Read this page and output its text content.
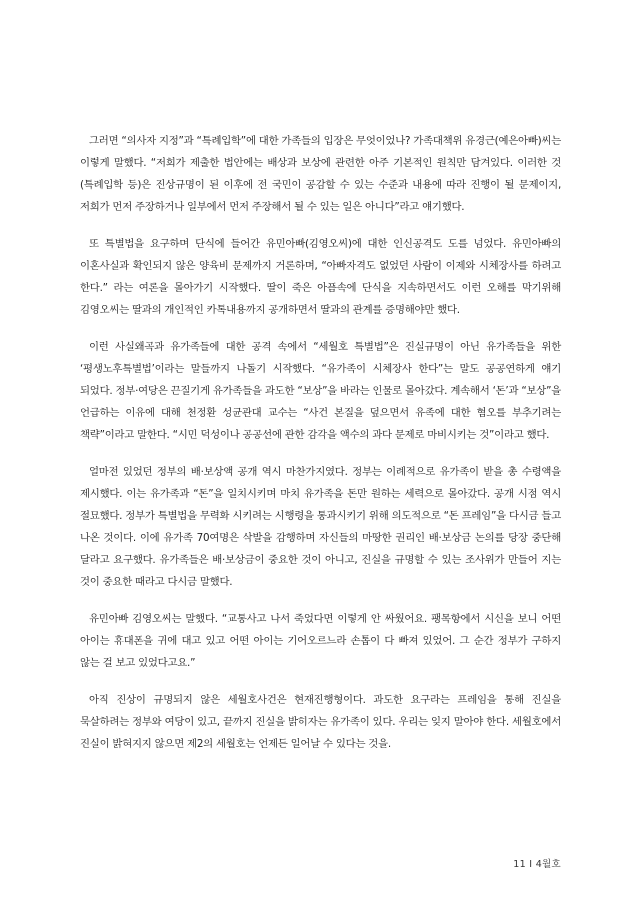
그러면 “의사자 지정”과 “특례입학”에 대한 가족들의 입장은 무엇이었나? 가족대책위 유경근(예은아빠)씨는 이렇게 말했다. “저희가 제출한 법안에는 배상과 보상에 관련한 아주 기본적인 원칙만 담겨있다. 이러한 것(특례입학 등)은 진상규명이 된 이후에 전 국민이 공감할 수 있는 수준과 내용에 따라 진행이 될 문제이지, 저희가 먼저 주장하거나 일부에서 먼저 주장해서 될 수 있는 일은 아니다”라고 얘기했다.

또 특별법을 요구하며 단식에 들어간 유민아빠(김영오씨)에 대한 인신공격도 도를 넘었다. 유민아빠의 이혼사실과 확인되지 않은 양육비 문제까지 거론하며, “아빠자격도 없었던 사람이 이제와 시체장사를 하려고 한다.” 라는 여론을 몰아가기 시작했다. 딸이 죽은 아픔속에 단식을 지속하면서도 이런 오해를 막기위해 김영오씨는 딸과의 개인적인 카톡내용까지 공개하면서 딸과의 관계를 증명해야만 했다.

이런 사실왜곡과 유가족들에 대한 공격 속에서 “세월호 특별법”은 진실규명이 아닌 유가족들을 위한 ‘평생노후특별법’이라는 말들까지 나돌기 시작했다. “유가족이 시체장사 한다”는 말도 공공연하게 얘기 되었다. 정부·여당은 끈질기게 유가족들을 과도한 “보상”을 바라는 인물로 몰아갔다. 계속해서 ‘돈’과 “보상”을 언급하는 이유에 대해 천정환 성균관대 교수는 “사건 본질을 덮으면서 유족에 대한 혐오를 부추기려는 책략”이라고 말한다. “시민 덕성이나 공공선에 관한 감각을 액수의 과다 문제로 마비시키는 것”이라고 했다.

얼마전 있었던 정부의 배·보상액 공개 역시 마찬가지였다. 정부는 이례적으로 유가족이 받을 총 수령액을 제시했다. 이는 유가족과 “돈”을 일치시키며 마치 유가족을 돈만 원하는 세력으로 몰아갔다. 공개 시점 역시 절묘했다. 정부가 특별법을 무력화 시키려는 시행령을 통과시키기 위해 의도적으로 “돈 프레임”을 다시금 들고 나온 것이다. 이에 유가족 70여명은 삭발을 감행하며 자신들의 마땅한 권리인 배·보상금 논의를 당장 중단해 달라고 요구했다. 유가족들은 배·보상금이 중요한 것이 아니고, 진실을 규명할 수 있는 조사위가 만들어 지는 것이 중요한 때라고 다시금 말했다.

유민아빠 김영오씨는 말했다. “교통사고 나서 죽었다면 이렇게 안 싸웠어요. 팽목항에서 시신을 보니 어떤 아이는 휴대폰을 귀에 대고 있고 어떤 아이는 기어오르느라 손톱이 다 빠져 있었어. 그 순간 정부가 구하지 않는 걸 보고 있었다고요.”

아직 진상이 규명되지 않은 세월호사건은 현재진행형이다. 과도한 요구라는 프레임을 통해 진실을 묵살하려는 정부와 여당이 있고, 끝까지 진실을 밝히자는 유가족이 있다. 우리는 잊지 말아야 한다. 세월호에서 진실이 밝혀지지 않으면 제2의 세월호는 언제든 일어날 수 있다는 것을.

11 I 4월호
